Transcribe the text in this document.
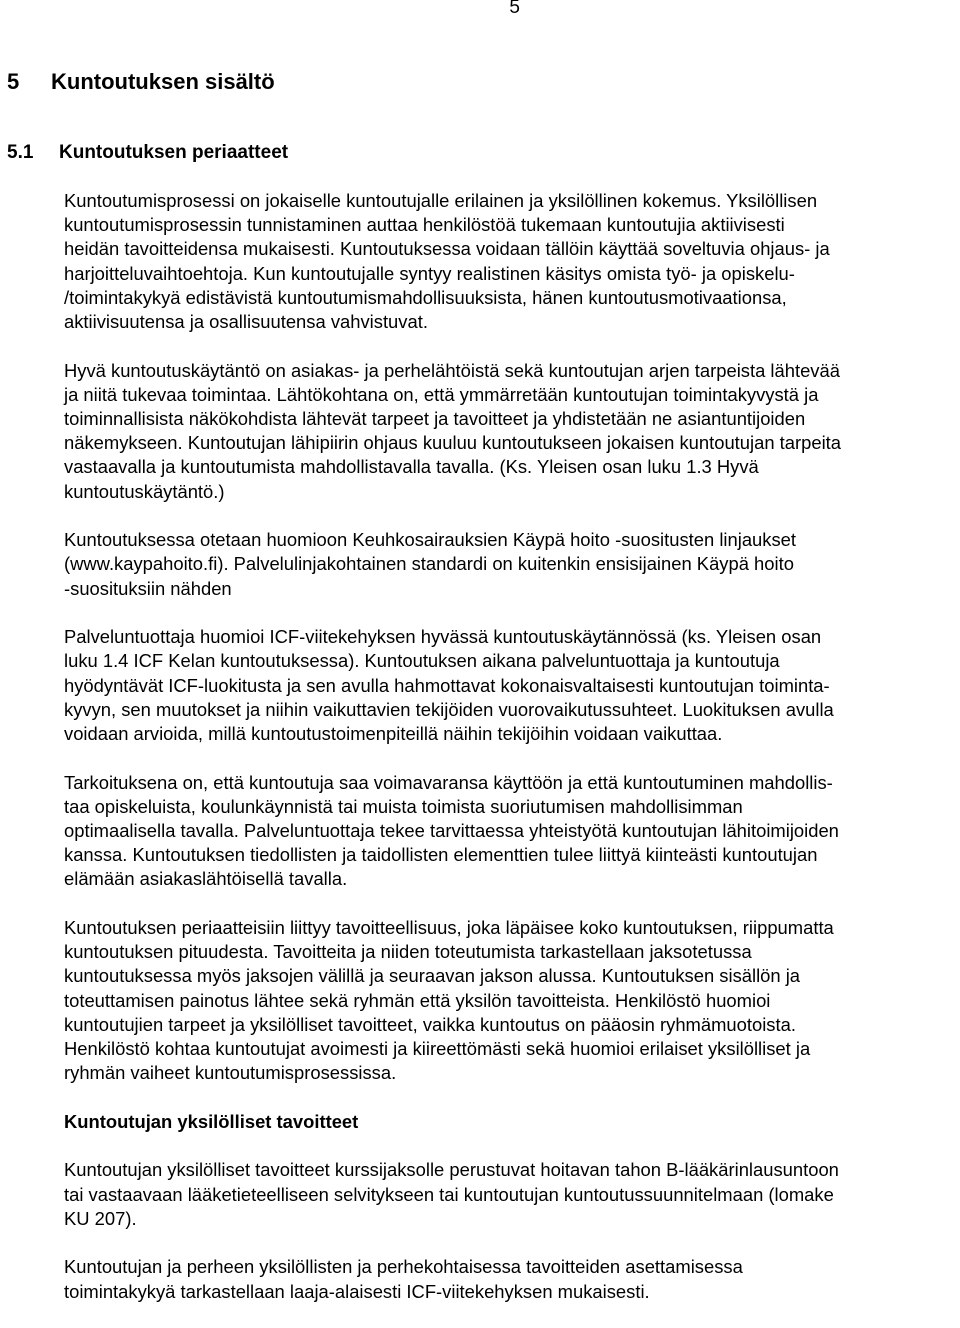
5
5 Kuntoutuksen sisältö
5.1 Kuntoutuksen periaatteet

Kuntoutumisprosessi on jokaiselle kuntoutujalle erilainen ja yksilöllinen kokemus. Yksilöllisen
kuntoutumisprosessin tunnistaminen auttaa henkilöstöä tukemaan kuntoutujia aktiivisesti
heidän tavoitteidensa mukaisesti. Kuntoutuksessa voidaan tällöin käyttää soveltuvia ohjaus- ja
harjoitteluvaihtoehtoja. Kun kuntoutujalle syntyy realistinen käsitys omista työ- ja opiskelu-
/toimintakykyä edistävistä kuntoutumismahdollisuuksista, hänen kuntoutusmotivaationsa,
aktiivisuutensa ja osallisuutensa vahvistuvat.

Hyvä kuntoutuskäytäntö on asiakas- ja perhelähtöistä sekä kuntoutujan arjen tarpeista lähtevää
ja niitä tukevaa toimintaa. Lähtökohtana on, että ymmärretään kuntoutujan toimintakyvystä ja
toiminnallisista näkökohdista lähtevät tarpeet ja tavoitteet ja yhdistetään ne asiantuntijoiden
näkemykseen. Kuntoutujan lähipiirin ohjaus kuuluu kuntoutukseen jokaisen kuntoutujan tarpeita
vastaavalla ja kuntoutumista mahdollistavalla tavalla. (Ks. Yleisen osan luku 1.3 Hyvä
kuntoutuskäytäntö.)

Kuntoutuksessa otetaan huomioon Keuhkosairauksien Käypä hoito -suositusten linjaukset
(www.kaypahoito.fi). Palvelulinjakohtainen standardi on kuitenkin ensisijainen Käypä hoito
-suosituksiin nähden

Palveluntuottaja huomioi ICF-viitekehyksen hyvässä kuntoutuskäytännössä (ks. Yleisen osan
luku 1.4 ICF Kelan kuntoutuksessa). Kuntoutuksen aikana palveluntuottaja ja kuntoutuja
hyödyntävät ICF-luokitusta ja sen avulla hahmottavat kokonaisvaltaisesti kuntoutujan toiminta-
kyvyn, sen muutokset ja niihin vaikuttavien tekijöiden vuorovaikutussuhteet. Luokituksen avulla
voidaan arvioida, millä kuntoutustoimenpiteillä näihin tekijöihin voidaan vaikuttaa.

Tarkoituksena on, että kuntoutuja saa voimavaransa käyttöön ja että kuntoutuminen mahdollis-
taa opiskeluista, koulunkäynnistä tai muista toimista suoriutumisen mahdollisimman
optimaalisella tavalla. Palveluntuottaja tekee tarvittaessa yhteistyötä kuntoutujan lähitoimijoiden
kanssa. Kuntoutuksen tiedollisten ja taidollisten elementtien tulee liittyä kiinteästi kuntoutujan
elämään asiakaslähtöisellä tavalla.

Kuntoutuksen periaatteisiin liittyy tavoitteellisuus, joka läpäisee koko kuntoutuksen, riippumatta
kuntoutuksen pituudesta. Tavoitteita ja niiden toteutumista tarkastellaan jaksotetussa
kuntoutuksessa myös jaksojen välillä ja seuraavan jakson alussa. Kuntoutuksen sisällön ja
toteuttamisen painotus lähtee sekä ryhmän että yksilön tavoitteista. Henkilöstö huomioi
kuntoutujien tarpeet ja yksilölliset tavoitteet, vaikka kuntoutus on pääosin ryhmämuotoista.
Henkilöstö kohtaa kuntoutujat avoimesti ja kiireettömästi sekä huomioi erilaiset yksilölliset ja
ryhmän vaiheet kuntoutumisprosessissa.

Kuntoutujan yksilölliset tavoitteet

Kuntoutujan yksilölliset tavoitteet kurssijaksolle perustuvat hoitavan tahon B-lääkärinlausuntoon
tai vastaavaan lääketieteelliseen selvitykseen tai kuntoutujan kuntoutussuunnitelmaan (lomake
KU 207).

Kuntoutujan ja perheen yksilöllisten ja perhekohtaisessa tavoitteiden asettamisessa
toimintakykyä tarkastellaan laaja-alaisesti ICF-viitekehyksen mukaisesti.
